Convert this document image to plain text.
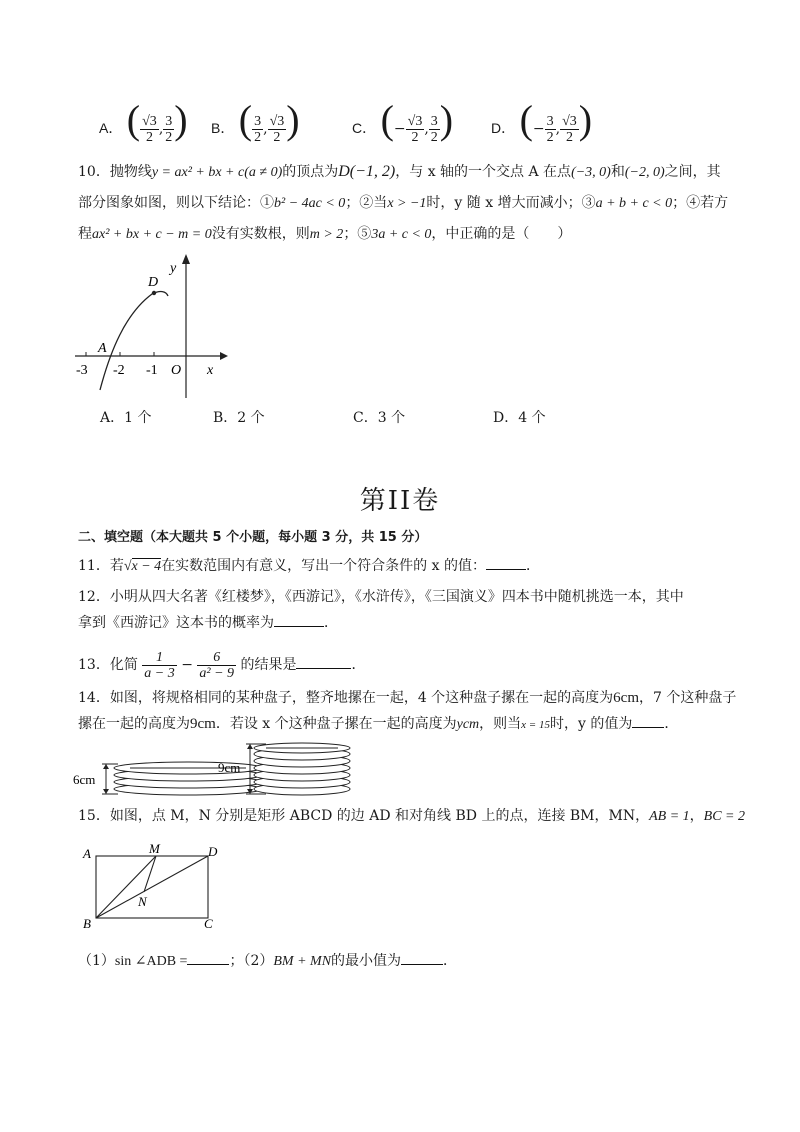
A． ( $\frac{√3}{2}$ , $\frac{3}{2}$ ) B． ( $\frac{3}{2}$ , $\frac{√3}{2}$ )	C． (− $\frac{√3}{2}$ , $\frac{3}{2}$ )	D． (− $\frac{3}{2}$ , $\frac{√3}{2}$ )
10．抛物线y = ax² + bx + c(a ≠ 0)的顶点为D(−1, 2)，与 x 轴的一个交点 A 在点(−3, 0)和(−2, 0)之间，其
部分图象如图，则以下结论：①b² − 4ac < 0；②当x > −1时，y 随 x 增大而减小；③a + b + c < 0；④若方
程ax² + bx + c − m = 0没有实数根，则m > 2；⑤3a + c < 0，中正确的是（　　）
y
D
A
-3 -2 -1 O x
A．1 个	B．2 个	C．3 个	D．4 个
第II卷
二、填空题（本大题共 5 个小题，每小题 3 分，共 15 分）
11．若√x − 4在实数范围内有意义，写出一个符合条件的 x 的值：	．
12．小明从四大名著《红楼梦》，《西游记》，《水浒传》，《三国演义》四本书中随机挑选一本，其中
拿到《西游记》这本书的概率为	．
13．化简 $\frac{1}{a - 3} - \frac{6}{\text{a² − 9}}$ 的结果是	．
14．如图，将规格相同的某种盘子，整齐地摞在一起，4 个这种盘子摞在一起的高度为6cm，7 个这种盘子
摞在一起的高度为9cm．若设 x 个这种盘子摞在一起的高度为ycm，则当x = 15时，y 的值为 ．
6cm
9cm
15．如图，点 M，N 分别是矩形 ABCD 的边 AD 和对角线 BD 上的点，连接 BM，MN，AB = 1，BC = 2
A
B	C
D
M
N
（1）sin ∠ADB =	；（2）BM + MN的最小值为	．
